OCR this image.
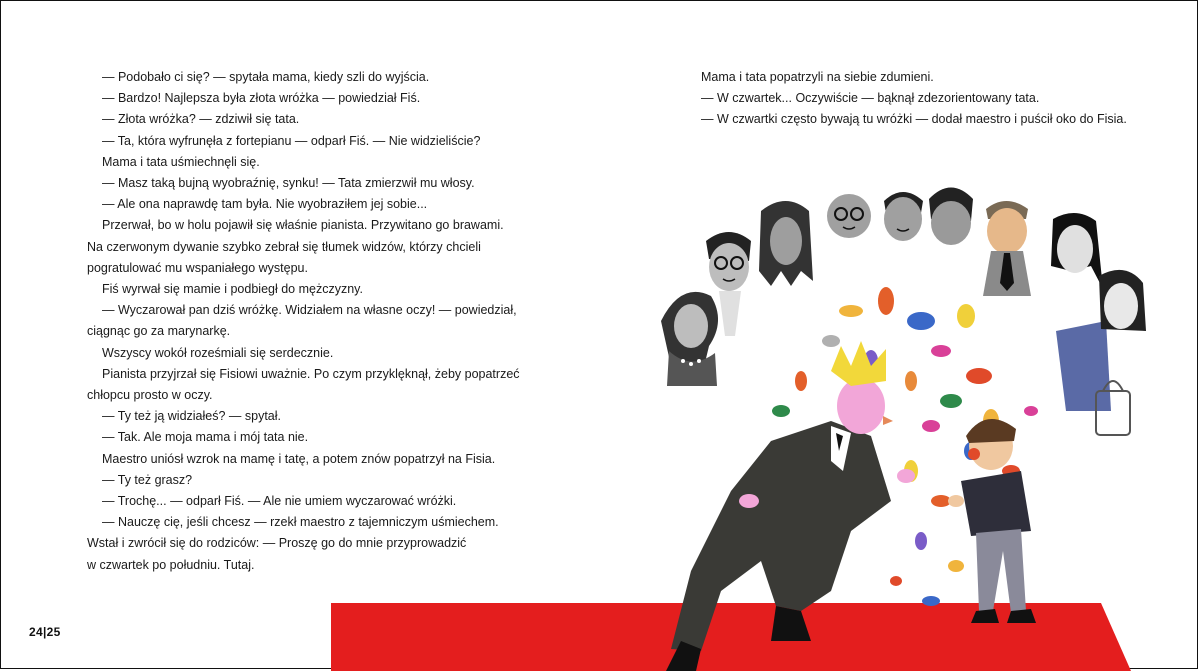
— Podobało ci się? — spytała mama, kiedy szli do wyjścia.

— Bardzo! Najlepsza była złota wróżka — powiedział Fiś.

— Złota wróżka? — zdziwił się tata.

— Ta, która wyfrunęła z fortepianu — odparł Fiś. — Nie widzieliście?

Mama i tata uśmiechnęli się.

— Masz taką bujną wyobraźnię, synku! — Tata zmierzwił mu włosy.

— Ale ona naprawdę tam była. Nie wyobraziłem jej sobie...

Przerwał, bo w holu pojawił się właśnie pianista. Przywitano go brawami.

Na czerwonym dywanie szybko zebrał się tłumek widzów, którzy chcieli

pogratulować mu wspaniałego występu.

Fiś wyrwał się mamie i podbiegł do mężczyzny.

— Wyczarował pan dziś wróżkę. Widziałem na własne oczy! — powiedział,

ciągnąc go za marynarkę.

Wszyscy wokół roześmiali się serdecznie.

Pianista przyjrzał się Fisiowi uważnie. Po czym przyklęknął, żeby popatrzeć

chłopcu prosto w oczy.

— Ty też ją widziałeś? — spytał.

— Tak. Ale moja mama i mój tata nie.

Maestro uniósł wzrok na mamę i tatę, a potem znów popatrzył na Fisia.

— Ty też grasz?

— Trochę... — odparł Fiś. — Ale nie umiem wyczarować wróżki.

— Nauczę cię, jeśli chcesz — rzekł maestro z tajemniczym uśmiechem.

Wstał i zwrócił się do rodziców: — Proszę go do mnie przyprowadzić

w czwartek po południu. Tutaj.

Mama i tata popatrzyli na siebie zdumieni.

— W czwartek... Oczywiście — bąknął zdezorientowany tata.

— W czwartki często bywają tu wróżki — dodał maestro i puścił oko do Fisia.

24|25
